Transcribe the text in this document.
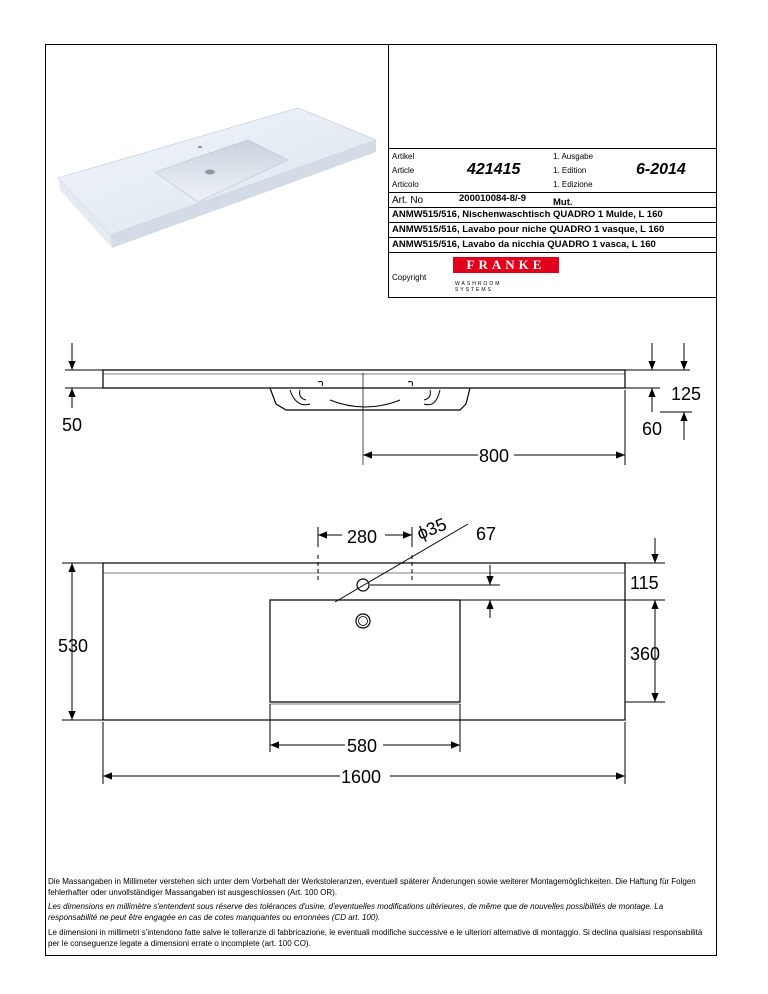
Artikel
Article
Articolo
421415
1. Ausgabe
1. Edition
1. Edizione
6-2014
Art. No	200010084-8/-9	Mut.
ANMW515/516, Nischenwaschtisch QUADRO 1 Mulde, L 160
ANMW515/516, Lavabo pour niche QUADRO 1 vasque, L 160
ANMW515/516, Lavabo da nicchia QUADRO 1 vasca, L 160
Copyright
FRANKE
WASHROOM
SYSTEMS
50
125
60
800
280 ϕ35 67
115
360
530
580
1600
Die Massangaben in Millimeter verstehen sich unter dem Vorbehalt der Werkstoleranzen, eventuell späterer Änderungen sowie weiterer Montagemöglichkeiten. Die Haftung für Folgen fehlerhafter oder unvollständiger Massangaben ist ausgeschlossen (Art. 100 OR).
Les dimensions en millimètre s'entendent sous réserve des tolérances d'usine, d'eventuelles modifications ultérieures, de même que de nouvelles possibilités de montage. La responsabilité ne peut être engagée en cas de cotes manquantes ou erronnées (CD art. 100).
Le dimensioni in millimetri s'intendono fatte salve le tolleranze di fabbricazione, le eventuali modifiche successive e le ulteriori alternative di montaggio. Si declina qualsiasi responsabilità per le conseguenze legate a dimensioni errate o incomplete (art. 100 CO).
